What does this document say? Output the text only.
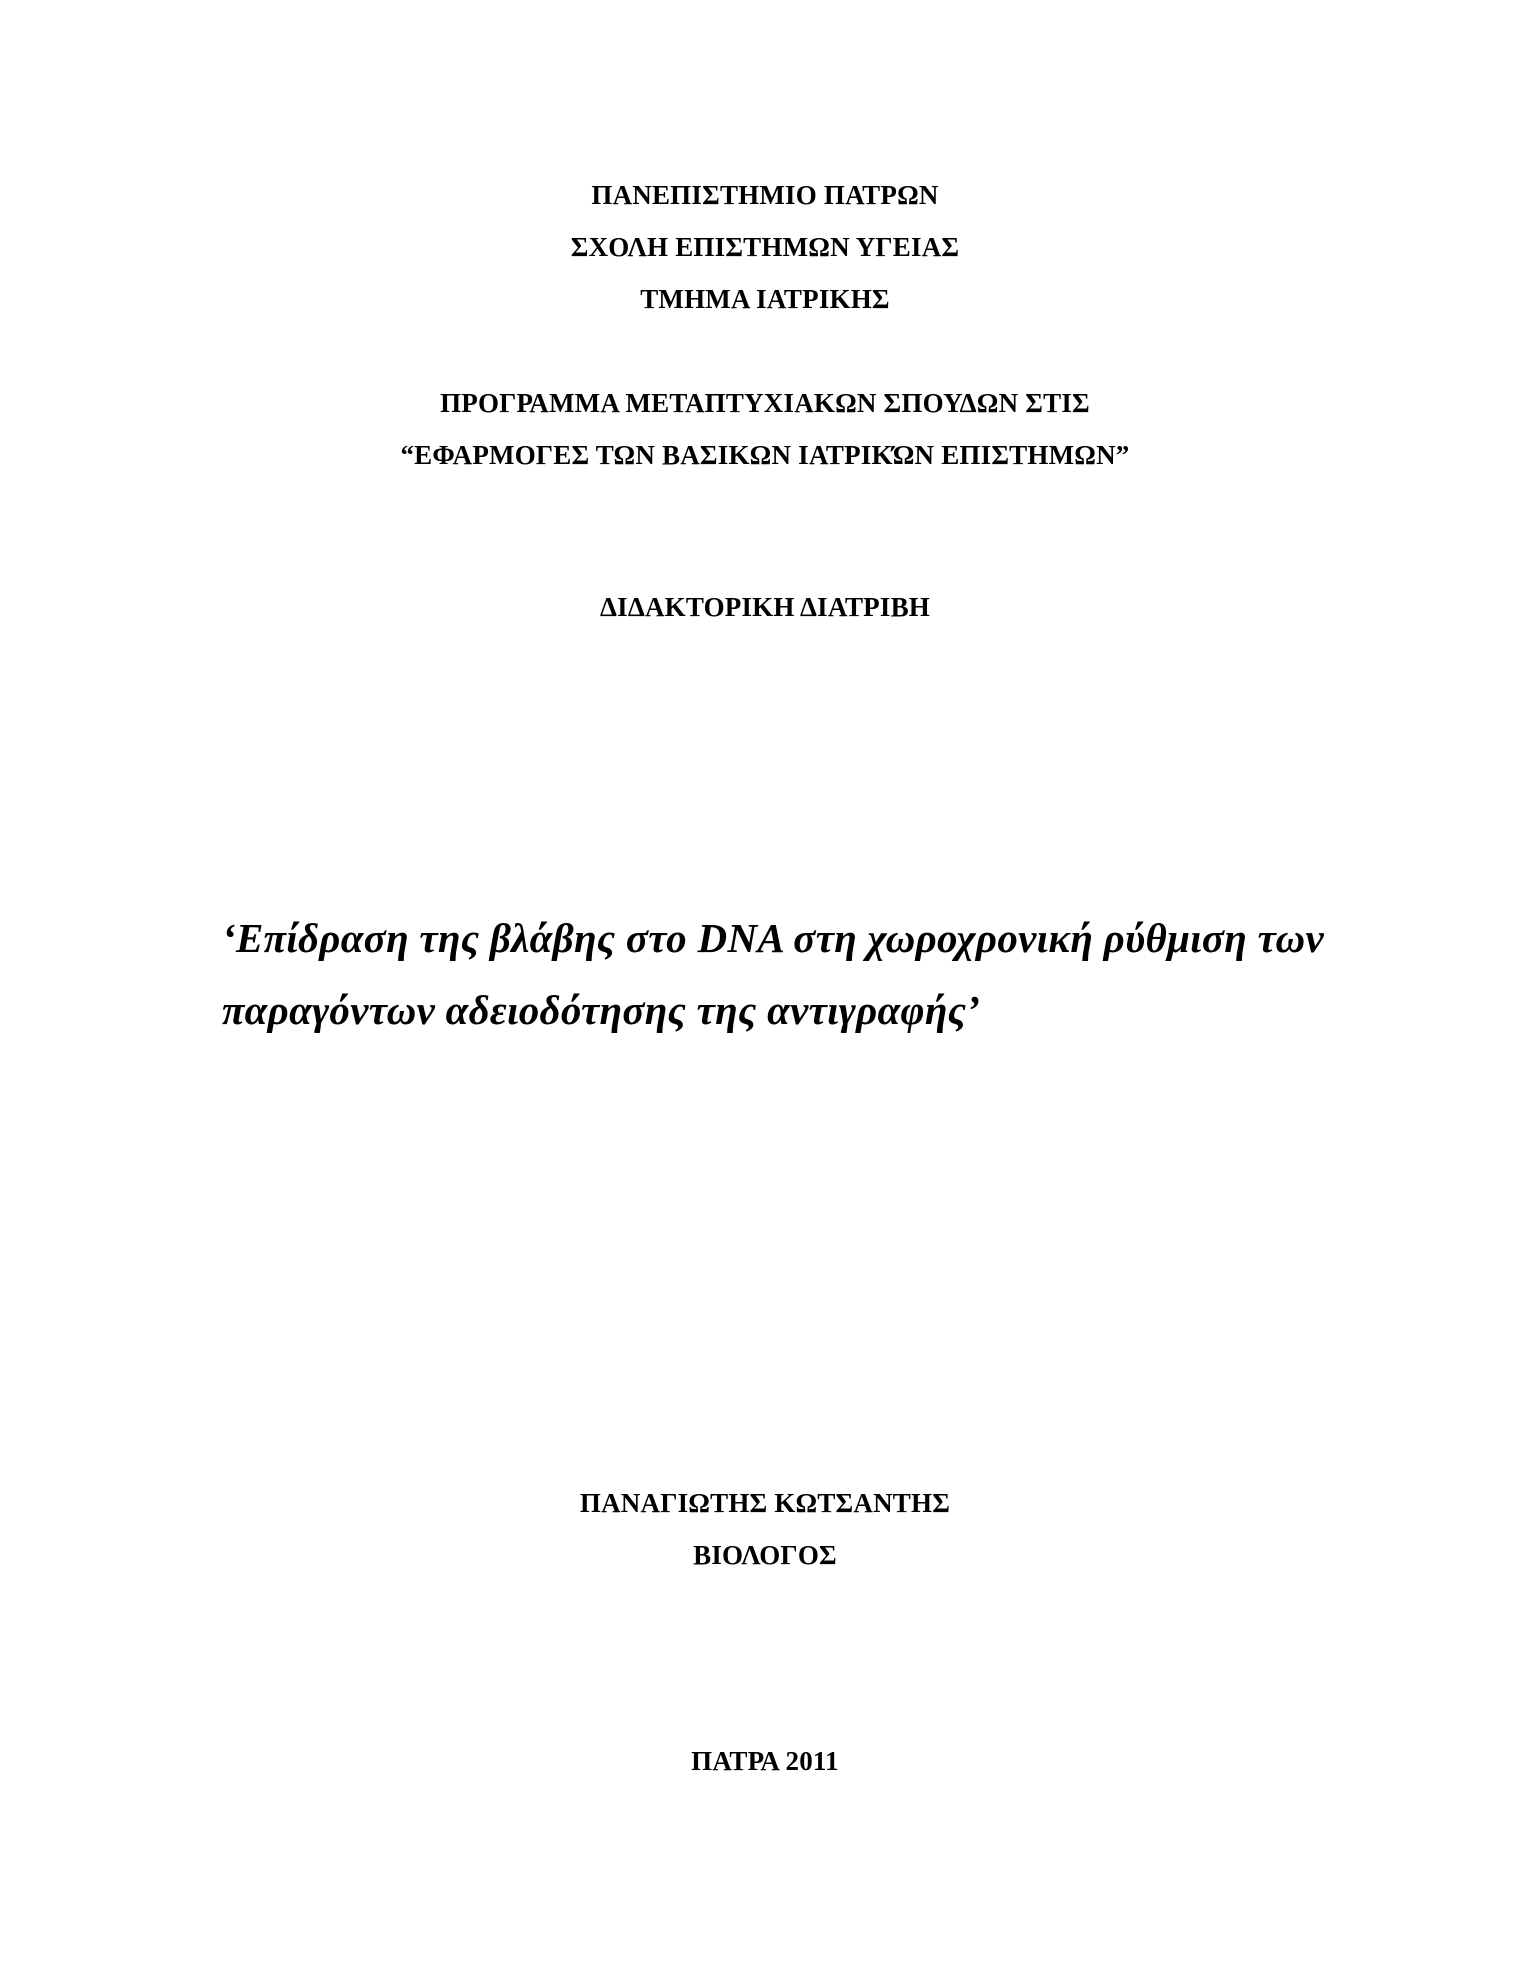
ΠΑΝΕΠΙΣΤΗΜΙΟ ΠΑΤΡΩΝ
ΣΧΟΛΗ ΕΠΙΣΤΗΜΩΝ ΥΓΕΙΑΣ
ΤΜΗΜΑ ΙΑΤΡΙΚΗΣ
ΠΡΟΓΡΑΜΜΑ ΜΕΤΑΠΤΥΧΙΑΚΩΝ ΣΠΟΥΔΩΝ ΣΤΙΣ
“ΕΦΑΡΜΟΓΕΣ ΤΩΝ ΒΑΣΙΚΩΝ ΙΑΤΡΙΚΏΝ ΕΠΙΣΤΗΜΩΝ”
ΔΙΔΑΚΤΟΡΙΚΗ ΔΙΑΤΡΙΒΗ
‘Επίδραση της βλάβης στο DNA στη χωροχρονική ρύθμιση των
παραγόντων αδειοδότησης της αντιγραφής’
ΠΑΝΑΓΙΩΤΗΣ ΚΩΤΣΑΝΤΗΣ
ΒΙΟΛΟΓΟΣ
ΠΑΤΡΑ 2011
